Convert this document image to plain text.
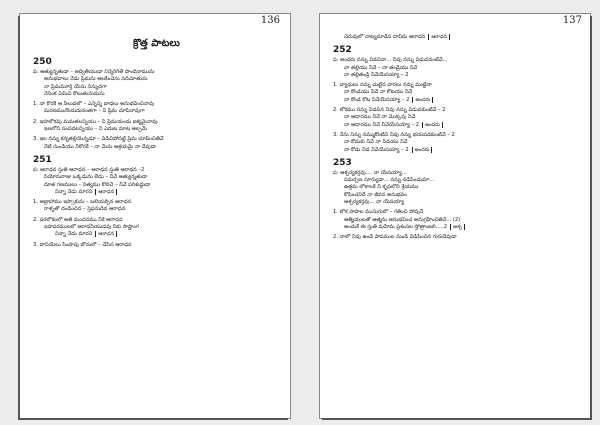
136
క్రొత్త పాటలు
250
ప: అత్యున్నతుడా – అద్వితీయుడా నిన్నెరిగితే పొందినామును
అనుభవాలు నేడు ప్రేమను ఆలకించెను సదిచూతును
నా ప్రేమమూర్తి యేసు నిన్నుదగా
నేనింక ఏమిచి కొలుతునుదును
1. నా కొరకే ఆ సిలువలో – ఎన్నెన్ని బాధలు అనుభవించినావు
మరణమునొందుదునంతగా – నీ ప్రేమ చూపినావుగా
2. ఇహలోకపు మమతలన్నియు – నీ ప్రేమయందు ఐక్యమైనావు
ఇలలోని సంపదలన్నియు – నీ ఎదుట మాట అల్పమే
3. ఇల నన్ను కన్నతల్లియెన్నడూ – విడిచిపోనట్టి ప్రేమ చూపించితివే
నేటి నుండియు నీకొరకే – నా మేను ఆశ్రయమై నా దేవుడా
251
ప: ఆరాధన స్తుతి ఆరాధన – ఆరాధన స్తుతి ఆరాధన –2
సీయోనురాజు ఒక్కడును లేడు – నీవే అత్యున్నతుడా
దూత గణములు – నిత్యము కొలిచే – నీవే పరిశుద్ధుడా
నిన్నా నేడు మారని ఆరాధన
1. అబ్రాహాము ఇస్సాకును – బలియర్పిన ఆరాధన
రాళ్ళతో దండించిన – స్తెఫనుదెవ ఆరాధన
2. పరలోకంలో అతి మందనము నీకే ఆరాధన
ఇహపరములలో ఆరాధనీయుడవు నీకు సాష్టాంగ
నిన్నా నేడు మారని ఆరాధన
3. దానియేలు సింహపు బోనులో – చేసిన ఆరాధన
137
చెరువులో నాట్యమాడిన దావీదు ఆరాధన ఆరాధన
252
ప: అందరు నన్ను విడచినా... నీవు నన్ను విడువనంటివే...
నా తల్లియు నీవే – నా తండ్రియు నీవే
నా తల్లితండ్రి నీవేయేసయ్యా – 2
1. వ్యాధులు నన్ను చుట్టిన వారలు నన్ను ముట్టినా
నా కొండయు నీవే నా కోటయు నీవే
నా కొండ కోట నీవేయేసయ్యా – 2 అందరు
2. లోకము నన్ను విడచిన నీవు నన్ను విడువకుంటివే – 2
నా ఆధారము నీవే నా మొక్కవు నీవే
నా ఆధారము నీవే నీవేయేసయ్యా – 2 అందరు
3. నేను నిన్ను నమ్ముకొంటిని నీవు నన్ను భయపడకుంటివే – 2
నా కోడుకు నీవే నా నీడయు నీవే
నా కోడు నీడ నీవేయేసయ్యా – 2 అందరు
253
ప: ఆశ్చర్యకర్తవు.... నా యేసయ్యా...
సమర్పణ సూర్యుడా... నన్ను నడిపించుమా...
ఉత్తమ లోకాలకే నీ కృపలోని శ్రేయము
కోపించనిదే నా జీవన అనుభవం
ఆశ్చర్యకర్తవు... నా యేసయ్యా
1. లోక పాపాల ముసుగులో – గతించి పోవునే
ఆత్మీయులతో ఆత్మను అనుభవించ అనుగ్రహించితివే... (2)
అందుకే ఈ స్తుతి మహిమ ప్రశంసల స్తోత్రాంజలి.....2 ఆశ్చ
2. నాలో నీవు ఉండి పాపముల నుండి విడిపించిన గురుదేవుడా
